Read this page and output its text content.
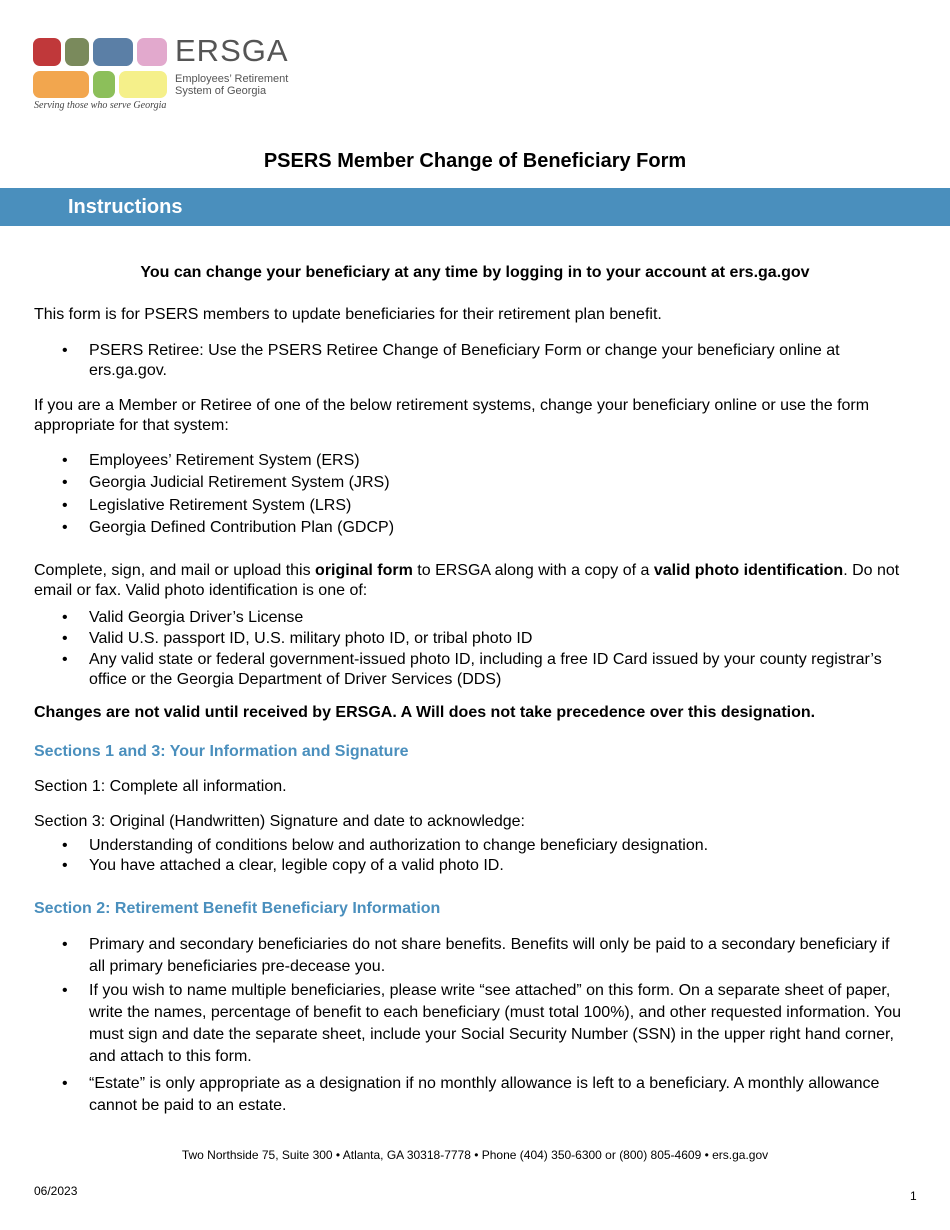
ERSGA
Employees’ Retirement
System of Georgia
Serving those who serve Georgia
PSERS Member Change of Beneficiary Form
Instructions
You can change your beneficiary at any time by logging in to your account at ers.ga.gov
This form is for PSERS members to update beneficiaries for their retirement plan benefit.
• PSERS Retiree: Use the PSERS Retiree Change of Beneficiary Form or change your beneficiary online at ers.ga.gov.
If you are a Member or Retiree of one of the below retirement systems, change your beneficiary online or use the form appropriate for that system:
• Employees’ Retirement System (ERS)
• Georgia Judicial Retirement System (JRS)
• Legislative Retirement System (LRS)
• Georgia Defined Contribution Plan (GDCP)
Complete, sign, and mail or upload this original form to ERSGA along with a copy of a valid photo identification. Do not email or fax. Valid photo identification is one of:
• Valid Georgia Driver’s License
• Valid U.S. passport ID, U.S. military photo ID, or tribal photo ID
• Any valid state or federal government-issued photo ID, including a free ID Card issued by your county registrar’s office or the Georgia Department of Driver Services (DDS)
Changes are not valid until received by ERSGA. A Will does not take precedence over this designation.
Sections 1 and 3: Your Information and Signature
Section 1: Complete all information.
Section 3: Original (Handwritten) Signature and date to acknowledge:
• Understanding of conditions below and authorization to change beneficiary designation.
• You have attached a clear, legible copy of a valid photo ID.
Section 2: Retirement Benefit Beneficiary Information
• Primary and secondary beneficiaries do not share benefits. Benefits will only be paid to a secondary beneficiary if all primary beneficiaries pre-decease you.
• If you wish to name multiple beneficiaries, please write “see attached” on this form. On a separate sheet of paper, write the names, percentage of benefit to each beneficiary (must total 100%), and other requested information. You must sign and date the separate sheet, include your Social Security Number (SSN) in the upper right hand corner, and attach to this form.
• “Estate” is only appropriate as a designation if no monthly allowance is left to a beneficiary. A monthly allowance cannot be paid to an estate.
Two Northside 75, Suite 300 • Atlanta, GA 30318-7778 • Phone (404) 350-6300 or (800) 805-4609 • ers.ga.gov
06/2023	1
